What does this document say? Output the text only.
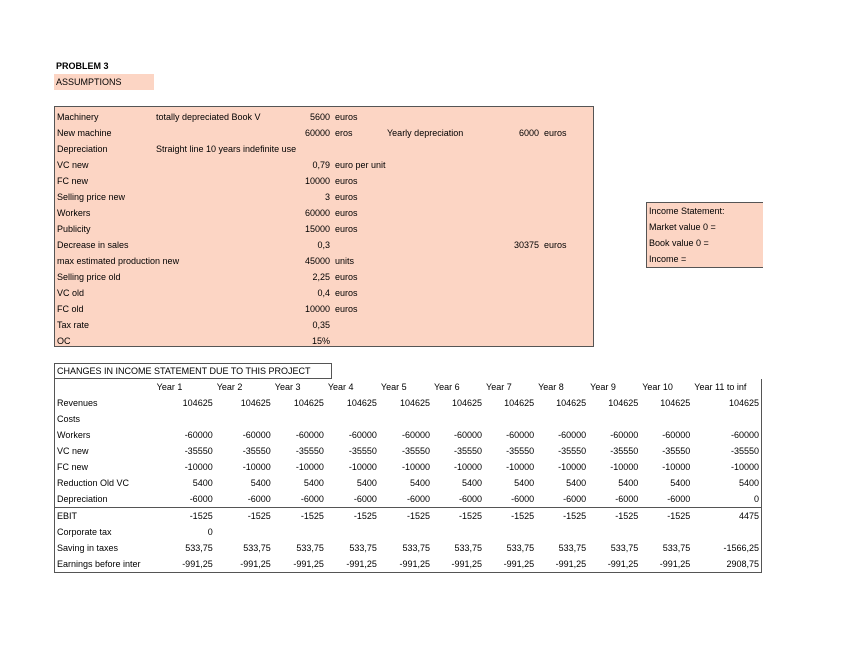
PROBLEM 3
ASSUMPTIONS
Machinery	totally depreciated Book V	5600 euros
New machine	60000 eros	Yearly depreciation	6000 euros
Depreciation	Straight line 10 years indefinite use
VC new	0,79 euro per unit
FC new	10000 euros
Selling price new	3 euros
Workers	60000 euros
Publicity	15000 euros
Decrease in sales	0,3	30375 euros
max estimated production new	45000 units
Selling price old	2,25 euros
VC old	0,4 euros
FC old	10000 euros
Tax rate	0,35
OC	15%
Income Statement:
Market value 0 =
Book value 0 =
Income =
CHANGES IN INCOME STATEMENT DUE TO THIS PROJECT
	Year 1	Year 2	Year 3	Year 4	Year 5	Year 6	Year 7	Year 8	Year 9	Year 10	Year 11 to inf
Revenues	104625	104625	104625	104625	104625	104625	104625	104625	104625	104625	104625
Costs											
Workers	-60000	-60000	-60000	-60000	-60000	-60000	-60000	-60000	-60000	-60000	-60000
VC new	-35550	-35550	-35550	-35550	-35550	-35550	-35550	-35550	-35550	-35550	-35550
FC new	-10000	-10000	-10000	-10000	-10000	-10000	-10000	-10000	-10000	-10000	-10000
Reduction Old VC	5400	5400	5400	5400	5400	5400	5400	5400	5400	5400	5400
Depreciation	-6000	-6000	-6000	-6000	-6000	-6000	-6000	-6000	-6000	-6000	0
EBIT	-1525	-1525	-1525	-1525	-1525	-1525	-1525	-1525	-1525	-1525	4475
Corporate tax	0										
Saving in taxes	533,75	533,75	533,75	533,75	533,75	533,75	533,75	533,75	533,75	533,75	-1566,25
Earnings before inter	-991,25	-991,25	-991,25	-991,25	-991,25	-991,25	-991,25	-991,25	-991,25	-991,25	2908,75
